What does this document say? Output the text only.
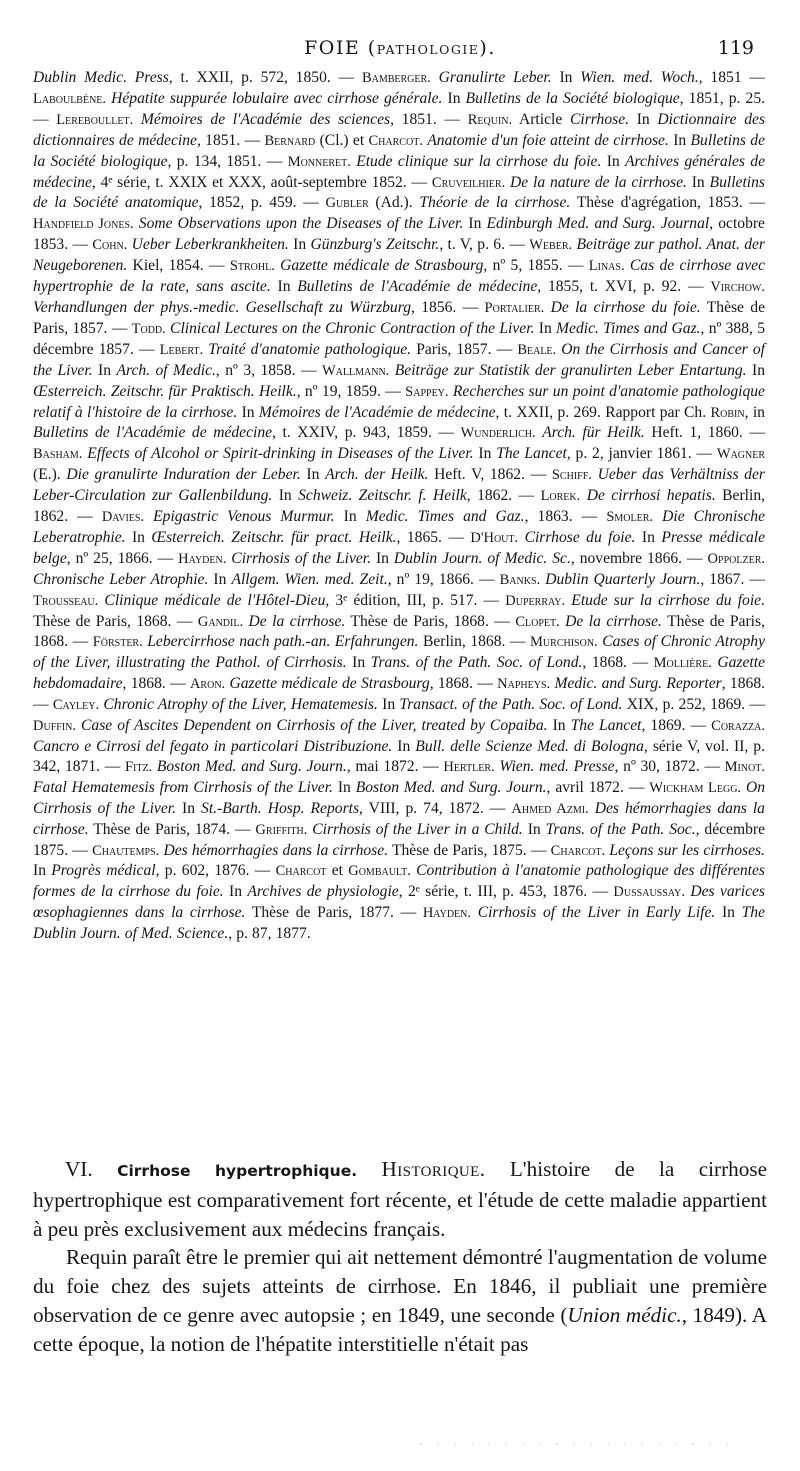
FOIE (PATHOLOGIE).	119

Dublin Medic. Press, t. XXII, p. 572, 1850. — Bamberger. Granulirte Leber. In Wien. med. Woch., 1851 — Laboulbène. Hépatite suppurée lobulaire avec cirrhose générale. In Bulletins de la Société biologique, 1851, p. 25. — Lereboullet. Mémoires de l'Académie des sciences, 1851. — Requin. Article Cirrhose. In Dictionnaire des dictionnaires de médecine, 1851. — Bernard (Cl.) et Charcot. Anatomie d'un foie atteint de cirrhose. In Bulletins de la Société biologique, p. 134, 1851. — Monneret. Etude clinique sur la cirrhose du foie. In Archives générales de médecine, 4ᵉ série, t. XXIX et XXX, août-septembre 1852. — Cruveilhier. De la nature de la cirrhose. In Bulletins de la Société anatomique, 1852, p. 459. — Gubler (Ad.). Théorie de la cirrhose. Thèse d'agrégation, 1853. — Handfield Jones. Some Observations upon the Diseases of the Liver. In Edinburgh Med. and Surg. Journal, octobre 1853. — Cohn. Ueber Leberkrankheiten. In Günzburg's Zeitschr., t. V, p. 6. — Weber. Beiträge zur pathol. Anat. der Neugeborenen. Kiel, 1854. — Strohl. Gazette médicale de Strasbourg, nº 5, 1855. — Linas. Cas de cirrhose avec hypertrophie de la rate, sans ascite. In Bulletins de l'Académie de médecine, 1855, t. XVI, p. 92. — Virchow. Verhandlungen der phys.-medic. Gesellschaft zu Würzburg, 1856. — Portalier. De la cirrhose du foie. Thèse de Paris, 1857. — Todd. Clinical Lectures on the Chronic Contraction of the Liver. In Medic. Times and Gaz., nº 388, 5 décembre 1857. — Lebert. Traité d'anatomie pathologique. Paris, 1857. — Beale. On the Cirrhosis and Cancer of the Liver. In Arch. of Medic., nº 3, 1858. — Wallmann. Beiträge zur Statistik der granulirten Leber Entartung. In Œsterreich. Zeitschr. für Praktisch. Heilk., nº 19, 1859. — Sappey. Recherches sur un point d'anatomie pathologique relatif à l'histoire de la cirrhose. In Mémoires de l'Académie de médecine, t. XXII, p. 269. Rapport par Ch. Robin, in Bulletins de l'Académie de médecine, t. XXIV, p. 943, 1859. — Wunderlich. Arch. für Heilk. Heft. 1, 1860. — Basham. Effects of Alcohol or Spirit-drinking in Diseases of the Liver. In The Lancet, p. 2, janvier 1861. — Wagner (E.). Die granulirte Induration der Leber. In Arch. der Heilk. Heft. V, 1862. — Schiff. Ueber das Verhältniss der Leber-Circulation zur Gallenbildung. In Schweiz. Zeitschr. f. Heilk, 1862. — Lorek. De cirrhosi hepatis. Berlin, 1862. — Davies. Epigastric Venous Murmur. In Medic. Times and Gaz., 1863. — Smoler. Die Chronische Leberatrophie. In Œsterreich. Zeitschr. für pract. Heilk., 1865. — D'Hout. Cirrhose du foie. In Presse médicale belge, nº 25, 1866. — Hayden. Cirrhosis of the Liver. In Dublin Journ. of Medic. Sc., novembre 1866. — Oppolzer. Chronische Leber Atrophie. In Allgem. Wien. med. Zeit., nº 19, 1866. — Banks. Dublin Quarterly Journ., 1867. — Trousseau. Clinique médicale de l'Hôtel-Dieu, 3ᵉ édition, III, p. 517. — Duperray. Etude sur la cirrhose du foie. Thèse de Paris, 1868. — Gandil. De la cirrhose. Thèse de Paris, 1868. — Clopet. De la cirrhose. Thèse de Paris, 1868. — Förster. Lebercirrhose nach path.-an. Erfahrungen. Berlin, 1868. — Murchison. Cases of Chronic Atrophy of the Liver, illustrating the Pathol. of Cirrhosis. In Trans. of the Path. Soc. of Lond., 1868. — Mollière. Gazette hebdomadaire, 1868. — Aron. Gazette médicale de Strasbourg, 1868. — Napheys. Medic. and Surg. Reporter, 1868. — Cayley. Chronic Atrophy of the Liver, Hematemesis. In Transact. of the Path. Soc. of Lond. XIX, p. 252, 1869. — Duffin. Case of Ascites Dependent on Cirrhosis of the Liver, treated by Copaiba. In The Lancet, 1869. — Corazza. Cancro e Cirrosi del fegato in particolari Distribuzione. In Bull. delle Scienze Med. di Bologna, série V, vol. II, p. 342, 1871. — Fitz. Boston Med. and Surg. Journ., mai 1872. — Hertler. Wien. med. Presse, nº 30, 1872. — Minot. Fatal Hematemesis from Cirrhosis of the Liver. In Boston Med. and Surg. Journ., avril 1872. — Wickham Legg. On Cirrhosis of the Liver. In St.-Barth. Hosp. Reports, VIII, p. 74, 1872. — Ahmed Azmi. Des hémorrhagies dans la cirrhose. Thèse de Paris, 1874. — Griffith. Cirrhosis of the Liver in a Child. In Trans. of the Path. Soc., décembre 1875. — Chautemps. Des hémorrhagies dans la cirrhose. Thèse de Paris, 1875. — Charcot. Leçons sur les cirrhoses. In Progrès médical, p. 602, 1876. — Charcot et Gombault. Contribution à l'anatomie pathologique des différentes formes de la cirrhose du foie. In Archives de physiologie, 2ᵉ série, t. III, p. 453, 1876. — Dussaussay. Des varices œsophagiennes dans la cirrhose. Thèse de Paris, 1877. — Hayden. Cirrhosis of the Liver in Early Life. In The Dublin Journ. of Med. Science., p. 87, 1877.

VI. Cirrhose hypertrophique. Historique. L'histoire de la cirrhose hypertrophique est comparativement fort récente, et l'étude de cette maladie appartient à peu près exclusivement aux médecins français.

Requin paraît être le premier qui ait nettement démontré l'augmentation de volume du foie chez des sujets atteints de cirrhose. En 1846, il publiait une première observation de ce genre avec autopsie ; en 1849, une seconde (Union médic., 1849). A cette époque, la notion de l'hépatite interstitielle n'était pas

. . . . . . . . . . . . . . . . . . .
